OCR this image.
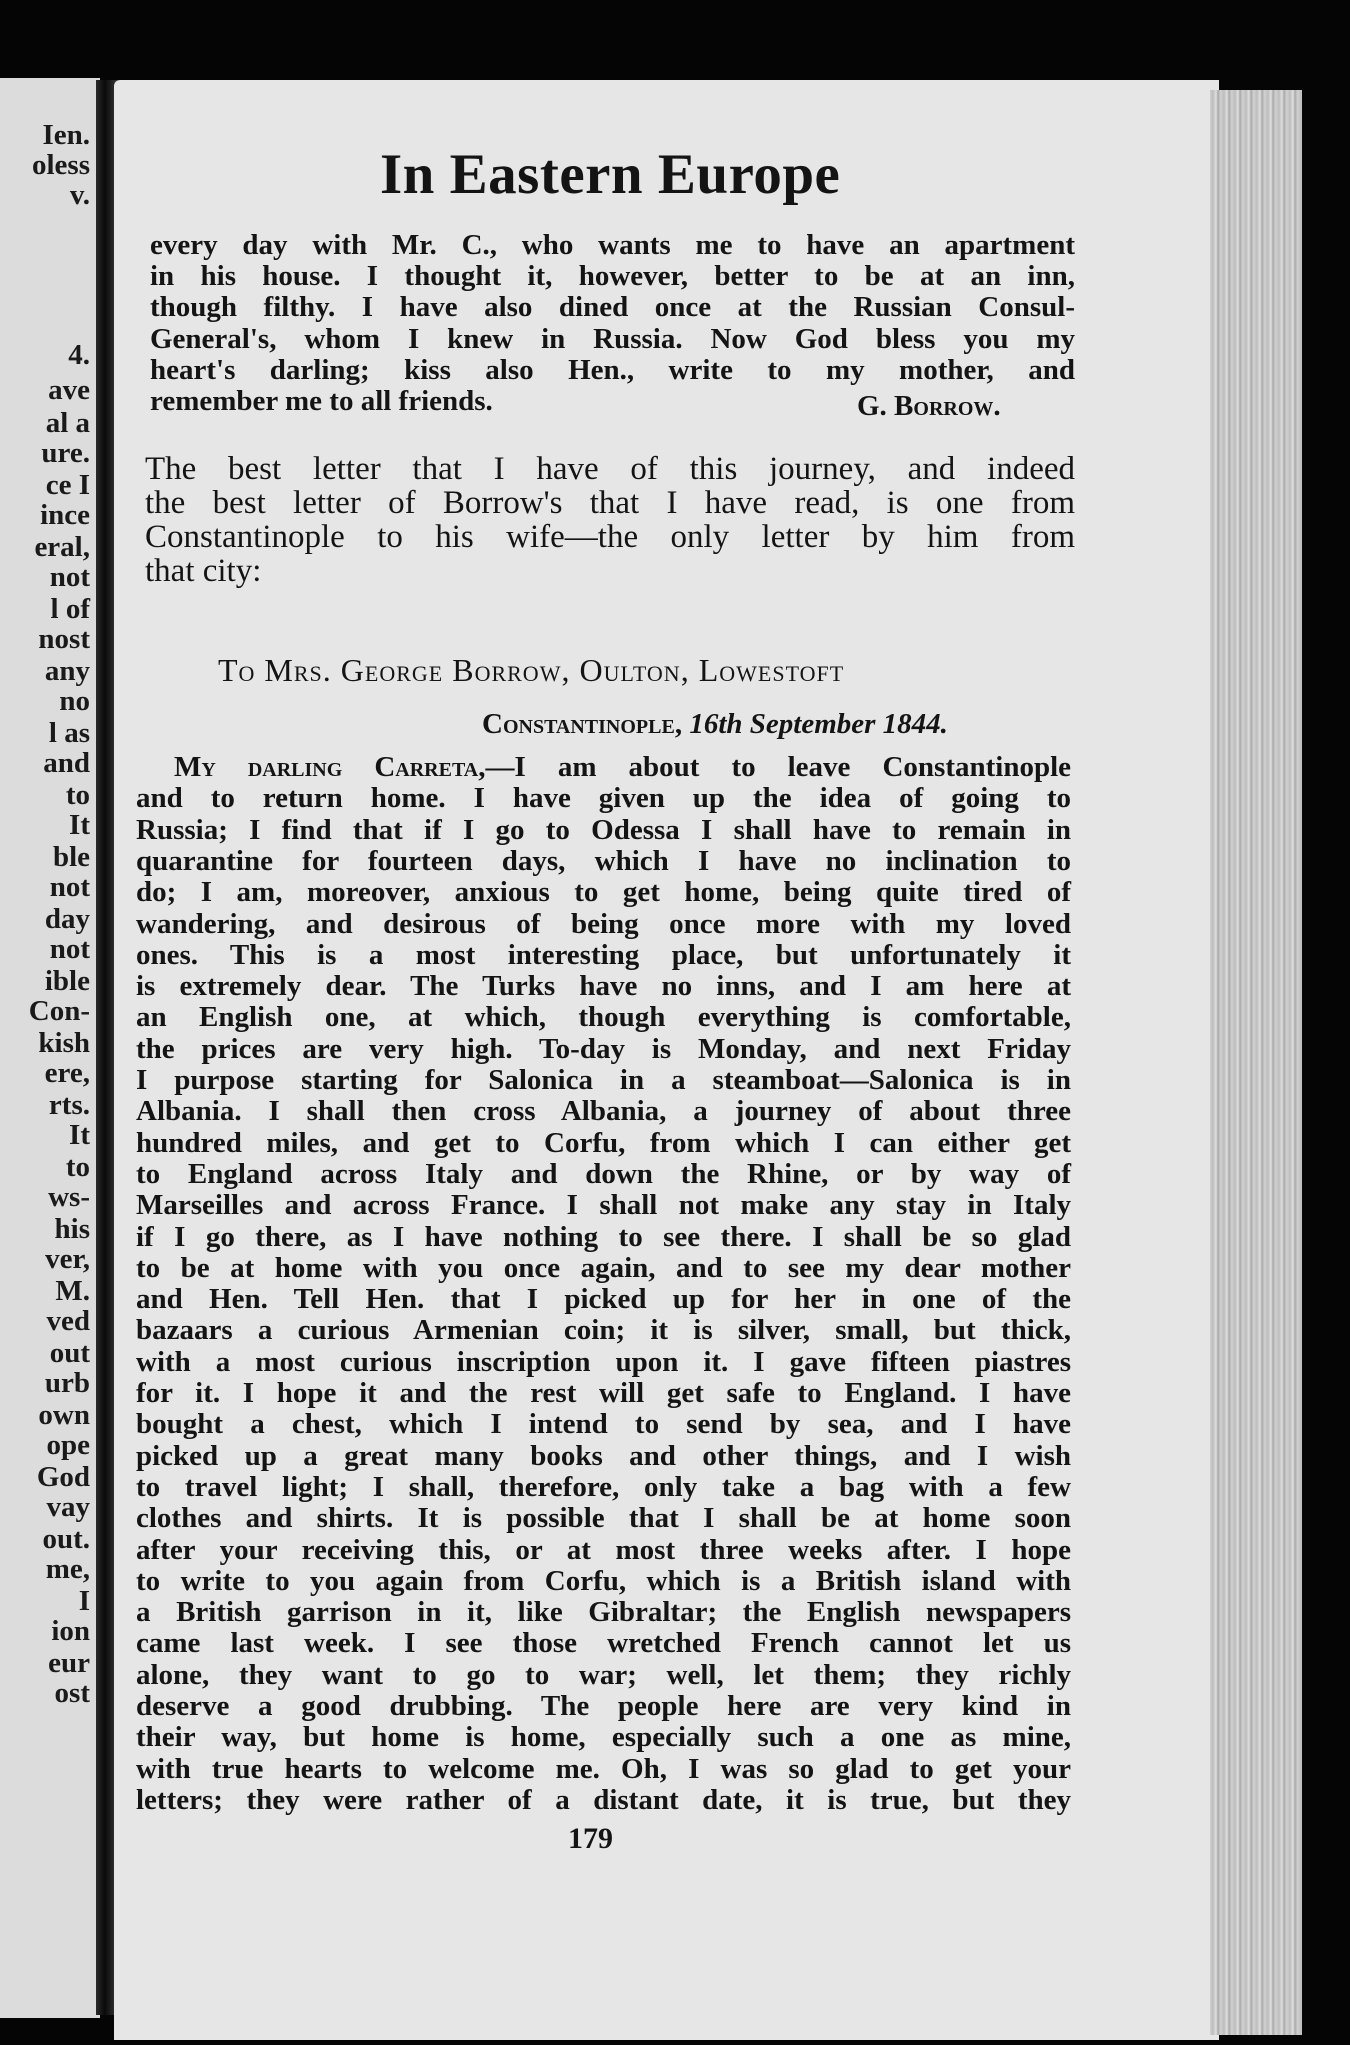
Ien.
oless
v.
4.
ave
al a
ure.
ce I
ince
eral,
not
l of
nost
any
no
l as
and
to
It
ble
not
day
not
ible
Con-
kish
ere,
rts.
It
to
ws-
his
ver,
M.
ved
out
urb
own
ope
God
vay
out.
me,
I
ion
eur
ost
In Eastern Europe
every day with Mr. C., who wants me to have an apartment
in his house. I thought it, however, better to be at an inn,
though filthy. I have also dined once at the Russian Consul-
General's, whom I knew in Russia. Now God bless you my
heart's darling; kiss also Hen., write to my mother, and
remember me to all friends.	G. Borrow.
The best letter that I have of this journey, and indeed
the best letter of Borrow's that I have read, is one from
Constantinople to his wife—the only letter by him from
that city:
To Mrs. George Borrow, Oulton, Lowestoft
Constantinople, 16th September 1844.
My darling Carreta,—I am about to leave Constantinople
and to return home. I have given up the idea of going to
Russia; I find that if I go to Odessa I shall have to remain in
quarantine for fourteen days, which I have no inclination to
do; I am, moreover, anxious to get home, being quite tired of
wandering, and desirous of being once more with my loved
ones. This is a most interesting place, but unfortunately it
is extremely dear. The Turks have no inns, and I am here at
an English one, at which, though everything is comfortable,
the prices are very high. To-day is Monday, and next Friday
I purpose starting for Salonica in a steamboat—Salonica is in
Albania. I shall then cross Albania, a journey of about three
hundred miles, and get to Corfu, from which I can either get
to England across Italy and down the Rhine, or by way of
Marseilles and across France. I shall not make any stay in Italy
if I go there, as I have nothing to see there. I shall be so glad
to be at home with you once again, and to see my dear mother
and Hen. Tell Hen. that I picked up for her in one of the
bazaars a curious Armenian coin; it is silver, small, but thick,
with a most curious inscription upon it. I gave fifteen piastres
for it. I hope it and the rest will get safe to England. I have
bought a chest, which I intend to send by sea, and I have
picked up a great many books and other things, and I wish
to travel light; I shall, therefore, only take a bag with a few
clothes and shirts. It is possible that I shall be at home soon
after your receiving this, or at most three weeks after. I hope
to write to you again from Corfu, which is a British island with
a British garrison in it, like Gibraltar; the English newspapers
came last week. I see those wretched French cannot let us
alone, they want to go to war; well, let them; they richly
deserve a good drubbing. The people here are very kind in
their way, but home is home, especially such a one as mine,
with true hearts to welcome me. Oh, I was so glad to get your
letters; they were rather of a distant date, it is true, but they
179
